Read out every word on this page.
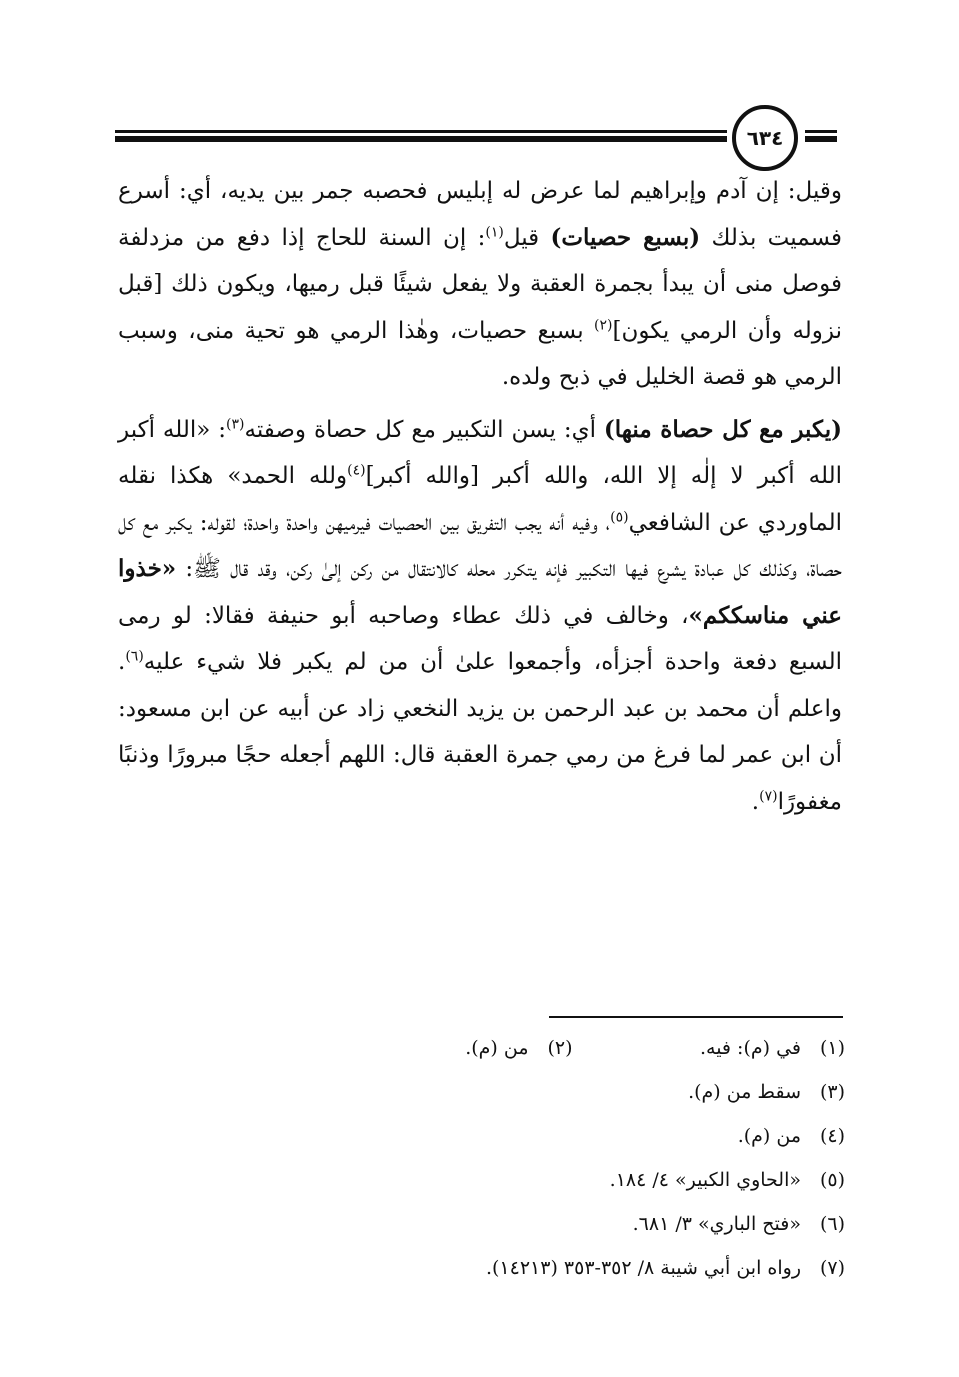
٦٣٤

وقيل: إن آدم وإبراهيم لما عرض له إبليس فحصبه جمر بين يديه، أي: أسرع فسميت بذلك (بسبع حصيات) قيل$^{(١)}$: إن السنة للحاج إذا دفع من مزدلفة فوصل منى أن يبدأ بجمرة العقبة ولا يفعل شيئًا قبل رميها، ويكون ذلك [قبل نزوله وأن الرمي يكون]$^{(٢)}$ بسبع حصيات، وهٰذا الرمي هو تحية منى، وسبب الرمي هو قصة الخليل في ذبح ولده.

(يكبر مع كل حصاة منها) أي: يسن التكبير مع كل حصاة وصفته$^{(٣)}$: «الله أكبر الله أكبر لا إلٰه إلا الله، والله أكبر [والله أكبر]$^{(٤)}$ولله الحمد» هكذا نقله الماوردي عن الشافعي$^{(٥)}$، وفيه أنه يجب التفريق بين الحصيات فيرميهن واحدة واحدة؛ لقوله: يكبر مع كل حصاة، وكذلك كل عبادة يشرع فيها التكبير فإنه يتكرر محله كالانتقال من ركن إلىٰ ركن، وقد قال ﷺ: «خذوا عني مناسككم»، وخالف في ذلك عطاء وصاحبه أبو حنيفة فقالا: لو رمى السبع دفعة واحدة أجزأه، وأجمعوا علىٰ أن من لم يكبر فلا شيء عليه$^{(٦)}$. واعلم أن محمد بن عبد الرحمن بن يزيد النخعي زاد عن أبيه عن ابن مسعود: أن ابن عمر لما فرغ من رمي جمرة العقبة قال: اللهم أجعله حجًا مبرورًا وذنبًا مغفورًا$^{(٧)}$.

(١)
في (م): فيه.
(٢)
من (م).
(٣)
سقط من (م).
(٤)
من (م).
(٥)
«الحاوي الكبير» ٤/ ١٨٤.
(٦)
«فتح الباري» ٣/ ٦٨١.
(٧)
رواه ابن أبي شيبة ٨/ ٣٥٢-٣٥٣ (١٤٢١٣).
